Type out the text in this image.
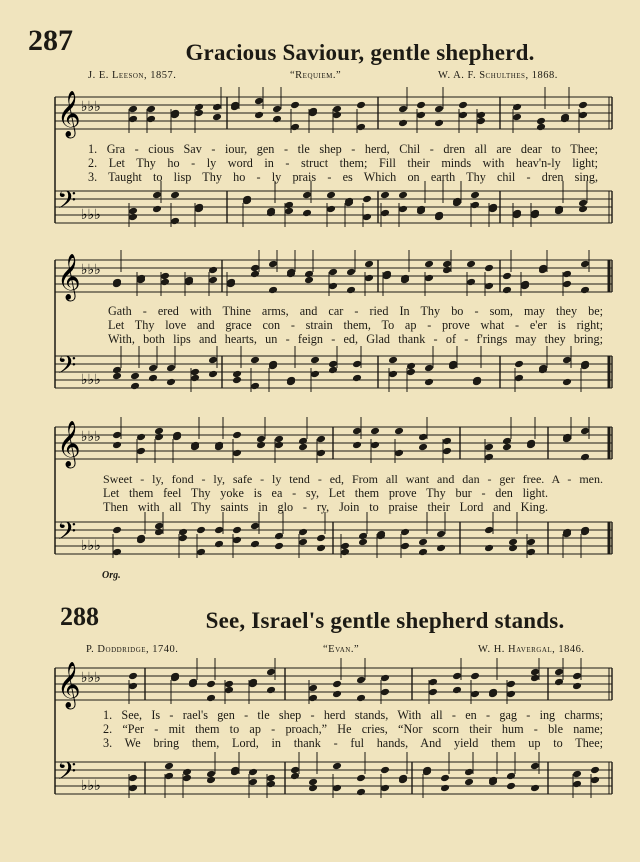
287	Gracious Saviour, gentle shepherd.
J. E. Leeson, 1857.	“Requiem.”	W. A. F. Schulthes, 1868.
1. Gra - cious Sav - iour, gen - tle shep - herd, Chil - dren all are dear to Thee;
2. Let Thy ho - ly word in - struct them; Fill their minds with heav'n-ly light;
3. Taught to lisp Thy ho - ly prais - es Which on earth Thy chil - dren sing,
Gath - ered with Thine arms, and car - ried In Thy bo - som, may they be;
Let Thy love and grace con - strain them, To ap - prove what - e'er is right;
With, both lips and hearts, un - feign - ed, Glad thank - of - f'rings may they bring;
Sweet - ly, fond - ly, safe - ly tend - ed, From all want and dan - ger free. A - men.
Let them feel Thy yoke is ea - sy, Let them prove Thy bur - den light.
Then with all Thy saints in glo - ry, Join to praise their Lord and King.
Org.
288	See, Israel's gentle shepherd stands.
P. Doddridge, 1740.	“Evan.”	W. H. Havergal, 1846.
1. See, Is - rael's gen - tle shep - herd stands, With all - en - gag - ing charms;
2. “Per - mit them to ap - proach,” He cries, “Nor scorn their hum - ble name;
3. We bring them, Lord, in thank - ful hands, And yield them up to Thee;
𝄞 ♭♭♭
𝄢 ♭♭♭
𝄞 ♭♭♭
𝄢 ♭♭♭
𝄞 ♭♭♭
𝄢 ♭♭♭
𝄞 ♭♭♭
𝄢 ♭♭♭
